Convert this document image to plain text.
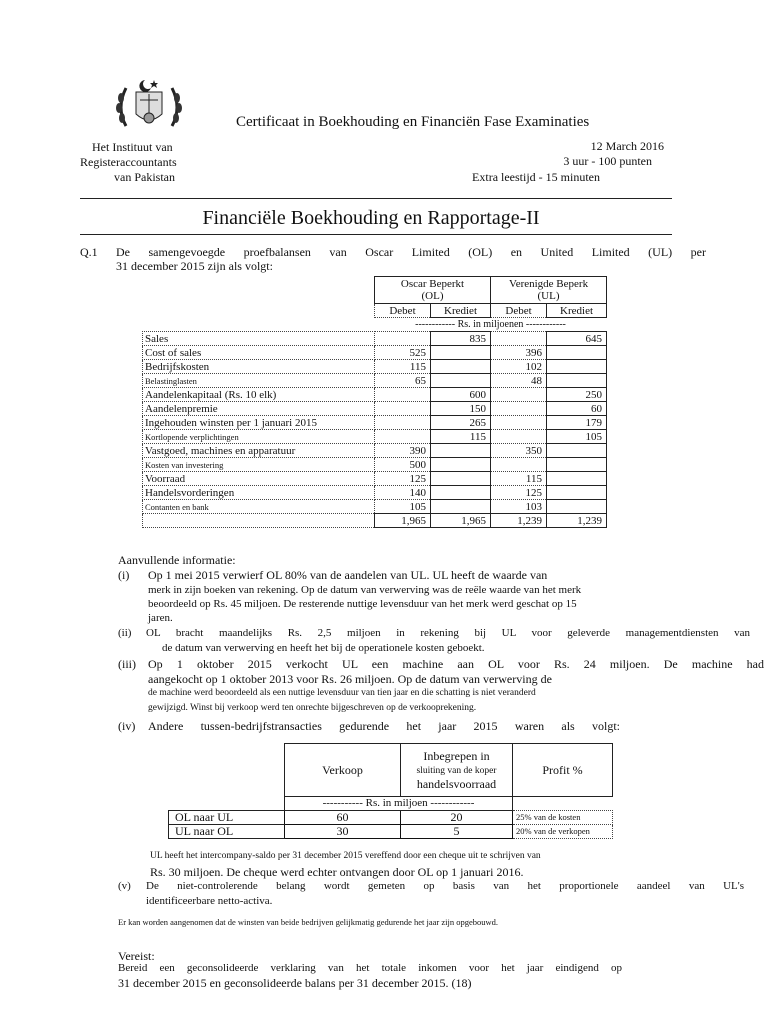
Het Instituut van
Registeraccountants
van Pakistan
Certificaat in Boekhouding en Financiën Fase Examinaties
12 March 2016
3 uur - 100 punten
Extra leestijd - 15 minuten
Financiële Boekhouding en Rapportage-II
Q.1 De samengevoegde proefbalansen van Oscar Limited (OL) en United Limited (UL) per
31 december 2015 zijn als volgt:
	Oscar Beperkt
(OL)		Verenigde Beperk
(UL)	
	Debet	Krediet	Debet	Krediet
	------------ Rs. in miljoenen ------------			
Sales		835		645
Cost of sales	525		396	
Bedrijfskosten	115		102	
Belastinglasten	65		48	
Aandelenkapitaal (Rs. 10 elk)		600		250
Aandelenpremie		150		60
Ingehouden winsten per 1 januari 2015		265		179
Kortlopende verplichtingen		115		105
Vastgoed, machines en apparatuur	390		350	
Kosten van investering	500			
Voorraad	125		115	
Handelsvorderingen	140		125	
Contanten en bank	105		103	
	1,965	1,965	1,239	1,239
Aanvullende informatie:
(i) Op 1 mei 2015 verwierf OL 80% van de aandelen van UL. UL heeft de waarde van
merk in zijn boeken van rekening. Op de datum van verwerving was de reële waarde van het merk
beoordeeld op Rs. 45 miljoen. De resterende nuttige levensduur van het merk werd geschat op 15
jaren.
(ii) OL bracht maandelijks Rs. 2,5 miljoen in rekening bij UL voor geleverde managementdiensten van
de datum van verwerving en heeft het bij de operationele kosten geboekt.
(iii) Op 1 oktober 2015 verkocht UL een machine aan OL voor Rs. 24 miljoen. De machine had
aangekocht op 1 oktober 2013 voor Rs. 26 miljoen. Op de datum van verwerving de
de machine werd beoordeeld als een nuttige levensduur van tien jaar en die schatting is niet veranderd
gewijzigd. Winst bij verkoop werd ten onrechte bijgeschreven op de verkooprekening.
(iv) Andere tussen-bedrijfstransacties gedurende het jaar 2015 waren als volgt:
	Verkoop	Inbegrepen in
sluiting van de koper
handelsvoorraad	Profit %
	----------- Rs. in miljoen ------------		
OL naar UL	60	20	25% van de kosten
UL naar OL	30	5	20% van de verkopen
UL heeft het intercompany-saldo per 31 december 2015 vereffend door een cheque uit te schrijven van
Rs. 30 miljoen. De cheque werd echter ontvangen door OL op 1 januari 2016.
(v) De niet-controlerende belang wordt gemeten op basis van het proportionele aandeel van UL's
identificeerbare netto-activa.
Er kan worden aangenomen dat de winsten van beide bedrijven gelijkmatig gedurende het jaar zijn opgebouwd.
Vereist:
Bereid een geconsolideerde verklaring van het totale inkomen voor het jaar eindigend op
31 december 2015 en geconsolideerde balans per 31 december 2015. (18)
